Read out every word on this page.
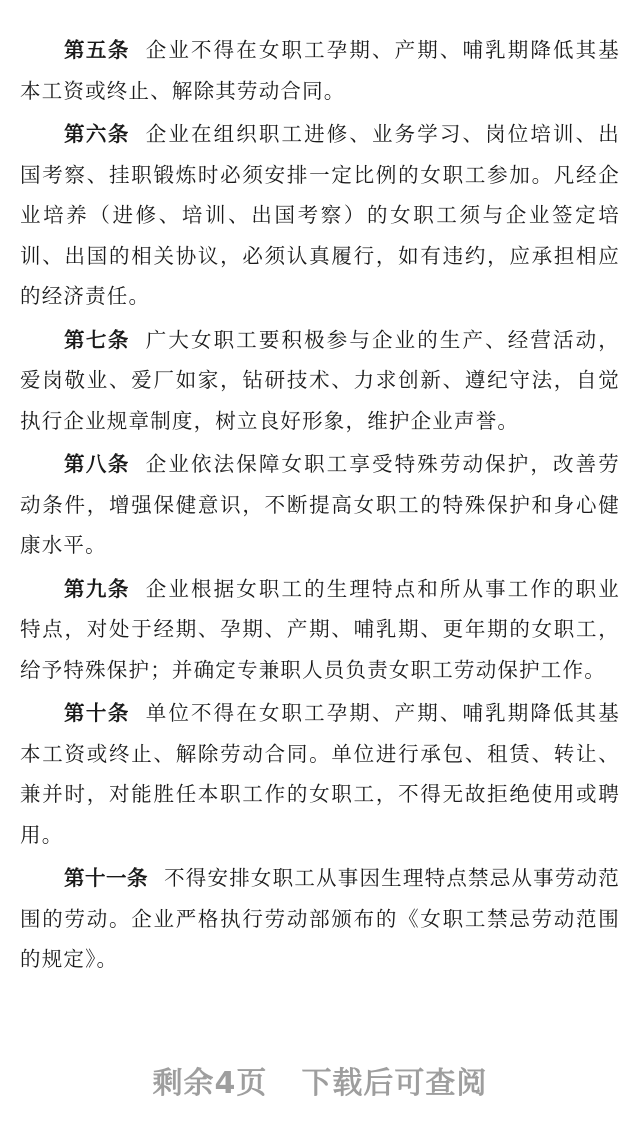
第五条 企业不得在女职工孕期、产期、哺乳期降低其基本工资或终止、解除其劳动合同。

第六条 企业在组织职工进修、业务学习、岗位培训、出国考察、挂职锻炼时必须安排一定比例的女职工参加。凡经企业培养（进修、培训、出国考察）的女职工须与企业签定培训、出国的相关协议，必须认真履行，如有违约，应承担相应的经济责任。

第七条 广大女职工要积极参与企业的生产、经营活动，爱岗敬业、爱厂如家，钻研技术、力求创新、遵纪守法，自觉执行企业规章制度，树立良好形象，维护企业声誉。

第八条 企业依法保障女职工享受特殊劳动保护，改善劳动条件，增强保健意识，不断提高女职工的特殊保护和身心健康水平。

第九条 企业根据女职工的生理特点和所从事工作的职业特点，对处于经期、孕期、产期、哺乳期、更年期的女职工，给予特殊保护；并确定专兼职人员负责女职工劳动保护工作。

第十条 单位不得在女职工孕期、产期、哺乳期降低其基本工资或终止、解除劳动合同。单位进行承包、租赁、转让、兼并时，对能胜任本职工作的女职工，不得无故拒绝使用或聘用。

第十一条 不得安排女职工从事因生理特点禁忌从事劳动范围的劳动。企业严格执行劳动部颁布的《女职工禁忌劳动范围的规定》。

剩余4页 下载后可查阅
